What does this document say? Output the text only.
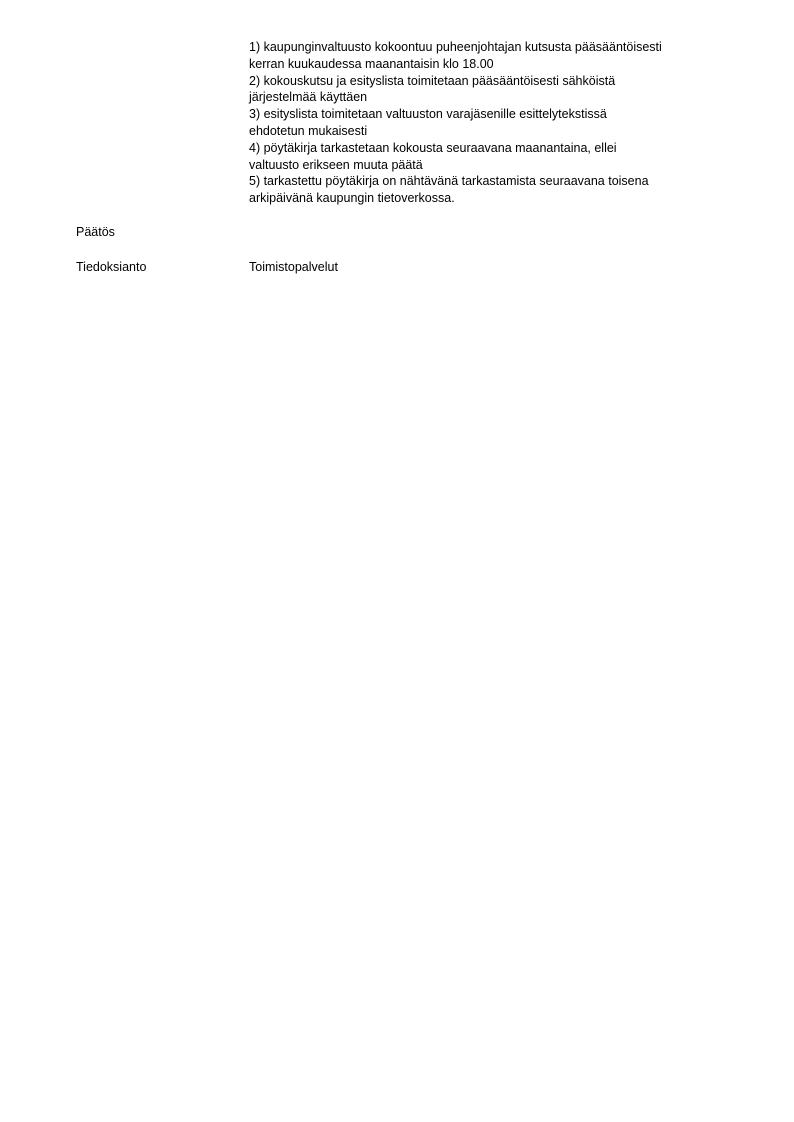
1) kaupunginvaltuusto kokoontuu puheenjohtajan kutsusta pääsääntöisesti
kerran kuukaudessa maanantaisin klo 18.00
2) kokouskutsu ja esityslista toimitetaan pääsääntöisesti sähköistä
järjestelmää käyttäen
3) esityslista toimitetaan valtuuston varajäsenille esittelytekstissä
ehdotetun mukaisesti
4) pöytäkirja tarkastetaan kokousta seuraavana maanantaina, ellei
valtuusto erikseen muuta päätä
5) tarkastettu pöytäkirja on nähtävänä tarkastamista seuraavana toisena
arkipäivänä kaupungin tietoverkossa.
Päätös
Tiedoksianto	Toimistopalvelut
